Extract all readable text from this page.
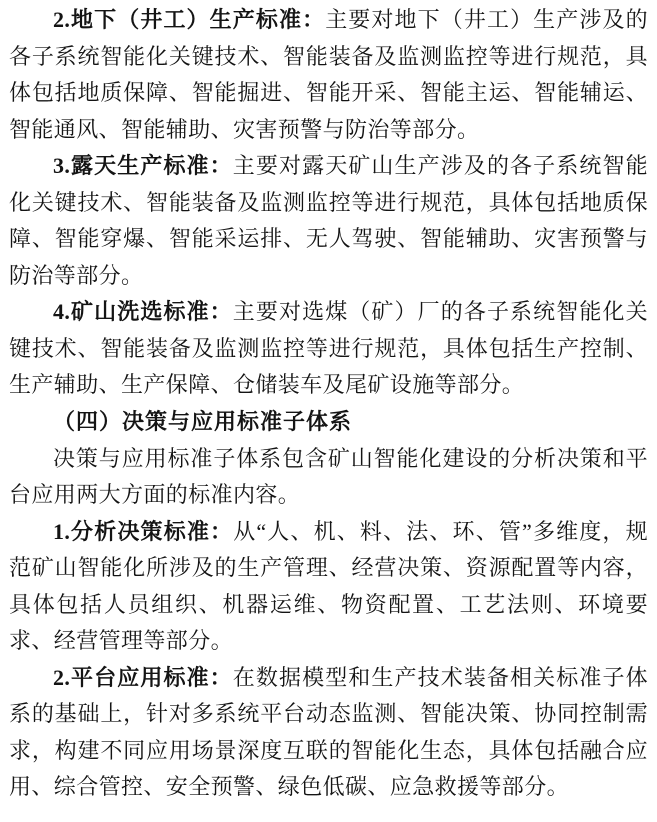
2.地下（井工）生产标准：主要对地下（井工）生产涉及的各子系统智能化关键技术、智能装备及监测监控等进行规范，具体包括地质保障、智能掘进、智能开采、智能主运、智能辅运、智能通风、智能辅助、灾害预警与防治等部分。

3.露天生产标准：主要对露天矿山生产涉及的各子系统智能化关键技术、智能装备及监测监控等进行规范，具体包括地质保障、智能穿爆、智能采运排、无人驾驶、智能辅助、灾害预警与防治等部分。

4.矿山洗选标准：主要对选煤（矿）厂的各子系统智能化关键技术、智能装备及监测监控等进行规范，具体包括生产控制、生产辅助、生产保障、仓储装车及尾矿设施等部分。

（四）决策与应用标准子体系

决策与应用标准子体系包含矿山智能化建设的分析决策和平台应用两大方面的标准内容。

1.分析决策标准：从“人、机、料、法、环、管”多维度，规范矿山智能化所涉及的生产管理、经营决策、资源配置等内容，具体包括人员组织、机器运维、物资配置、工艺法则、环境要求、经营管理等部分。

2.平台应用标准：在数据模型和生产技术装备相关标准子体系的基础上，针对多系统平台动态监测、智能决策、协同控制需求，构建不同应用场景深度互联的智能化生态，具体包括融合应用、综合管控、安全预警、绿色低碳、应急救援等部分。
